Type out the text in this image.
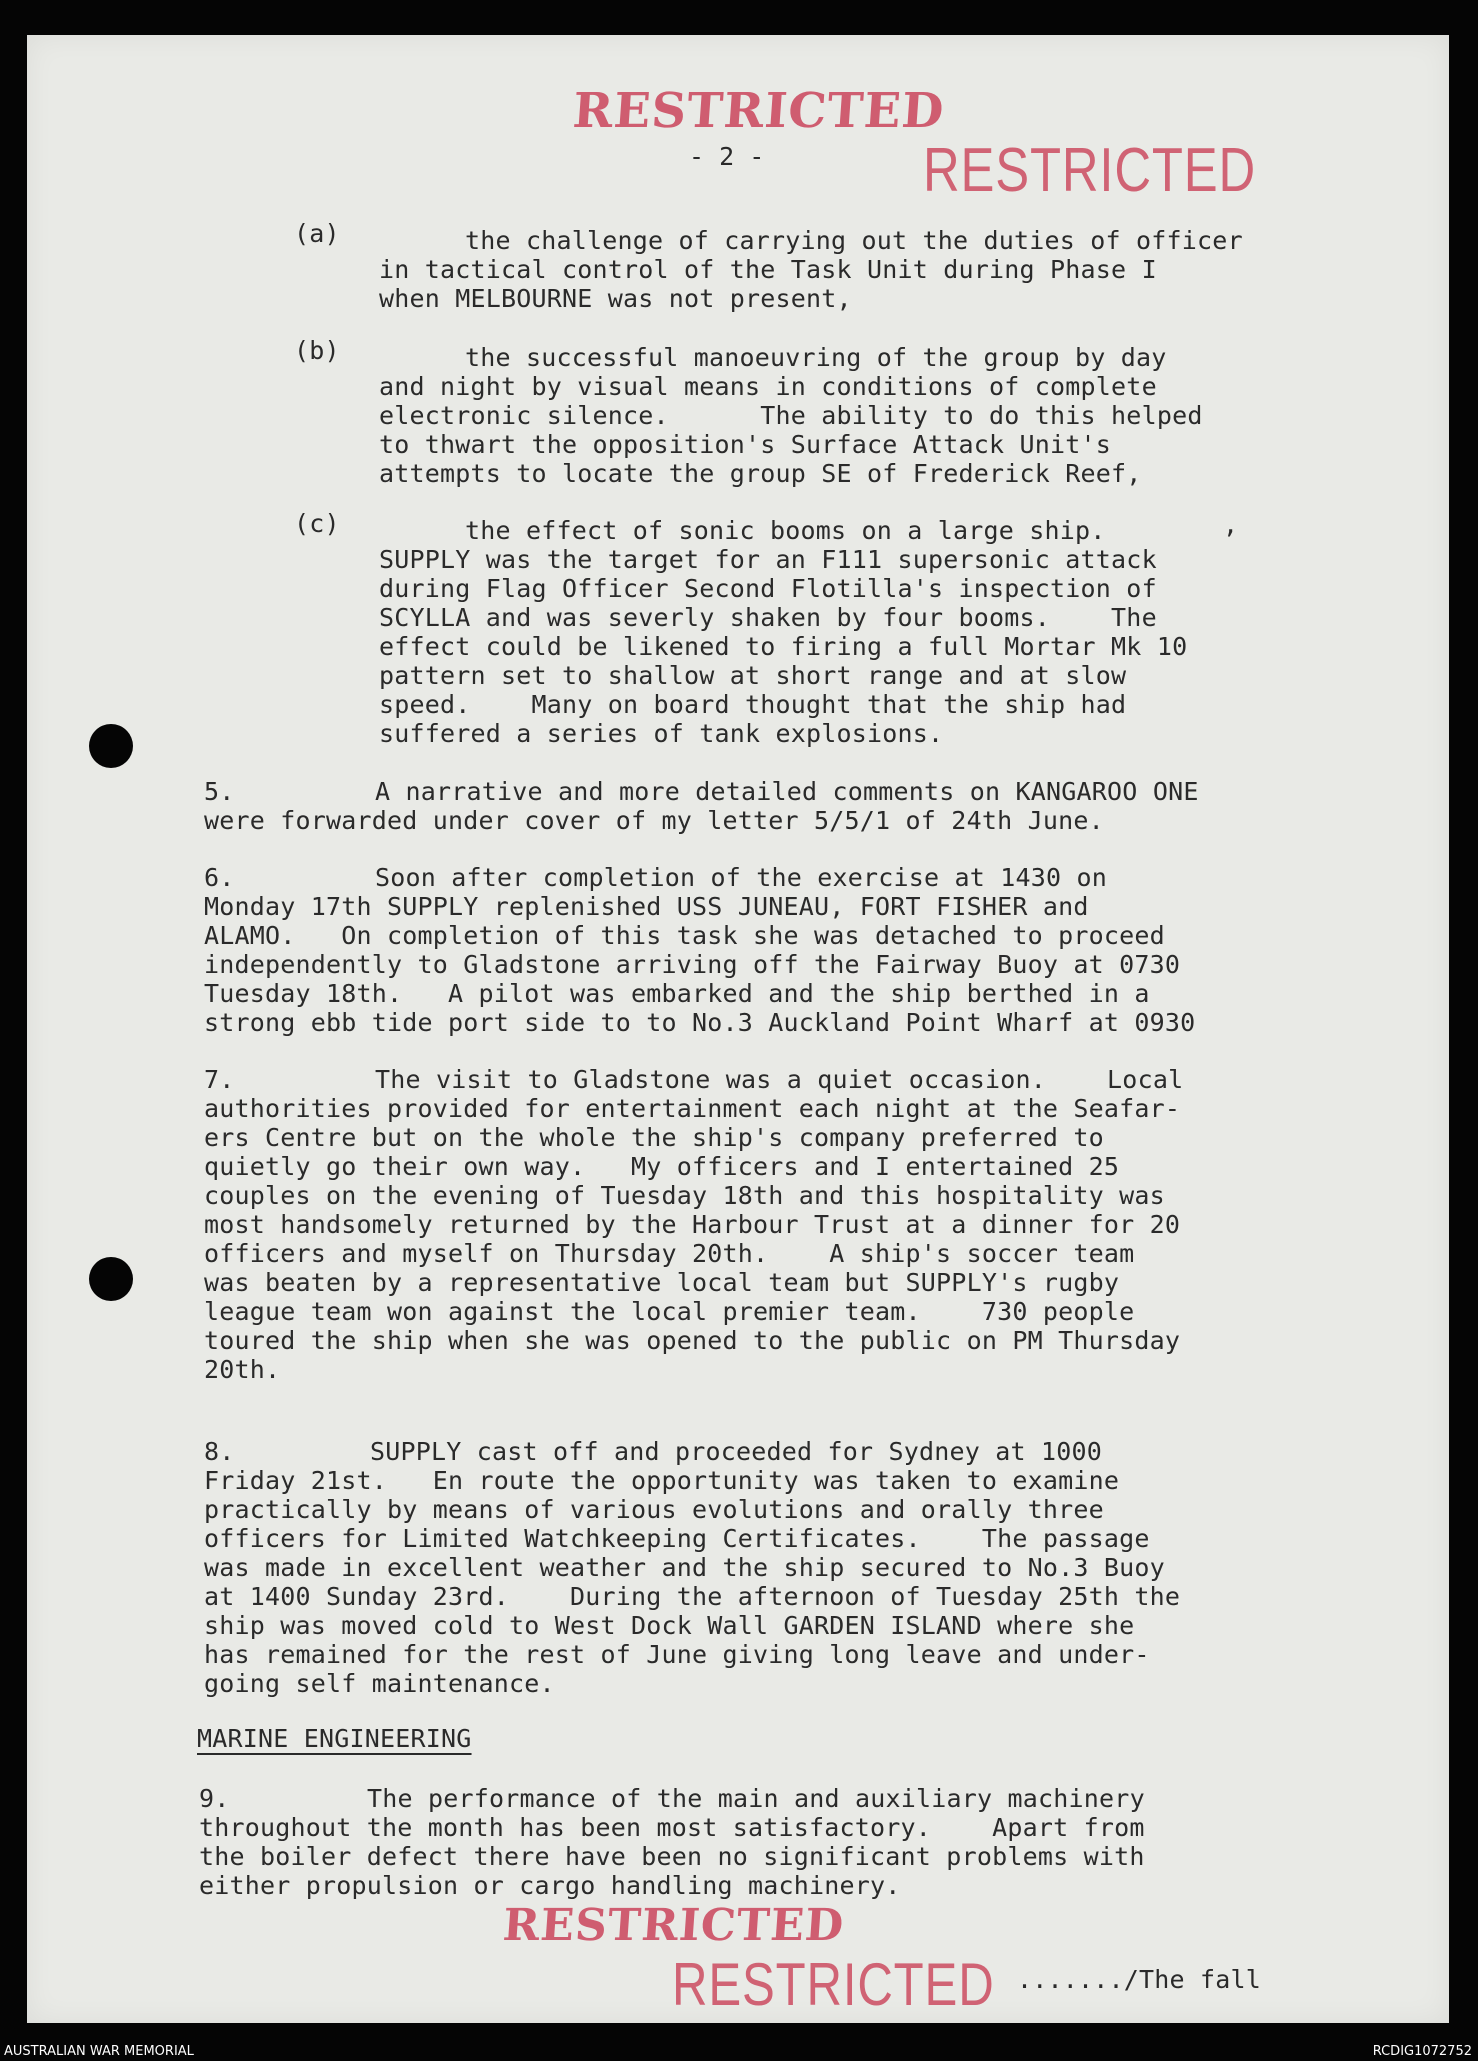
RESTRICTED
RESTRICTED
- 2 -
(a)	the challenge of carrying out the duties of officer
in tactical control of the Task Unit during Phase I
when MELBOURNE was not present,
(b)	the successful manoeuvring of the group by day
and night by visual means in conditions of complete
electronic silence.      The ability to do this helped
to thwart the opposition's Surface Attack Unit's
attempts to locate the group SE of Frederick Reef,
(c)	the effect of sonic booms on a large ship.	,
SUPPLY was the target for an F111 supersonic attack
during Flag Officer Second Flotilla's inspection of
SCYLLA and was severly shaken by four booms.    The
effect could be likened to firing a full Mortar Mk 10
pattern set to shallow at short range and at slow
speed.    Many on board thought that the ship had
suffered a series of tank explosions.
5.	A narrative and more detailed comments on KANGAROO ONE
were forwarded under cover of my letter 5/5/1 of 24th June.
6.	Soon after completion of the exercise at 1430 on
Monday 17th SUPPLY replenished USS JUNEAU, FORT FISHER and
ALAMO.   On completion of this task she was detached to proceed
independently to Gladstone arriving off the Fairway Buoy at 0730
Tuesday 18th.   A pilot was embarked and the ship berthed in a
strong ebb tide port side to to No.3 Auckland Point Wharf at 0930
7.	The visit to Gladstone was a quiet occasion.    Local
authorities provided for entertainment each night at the Seafar-
ers Centre but on the whole the ship's company preferred to
quietly go their own way.   My officers and I entertained 25
couples on the evening of Tuesday 18th and this hospitality was
most handsomely returned by the Harbour Trust at a dinner for 20
officers and myself on Thursday 20th.    A ship's soccer team
was beaten by a representative local team but SUPPLY's rugby
league team won against the local premier team.    730 people
toured the ship when she was opened to the public on PM Thursday
20th.
8.	SUPPLY cast off and proceeded for Sydney at 1000
Friday 21st.   En route the opportunity was taken to examine
practically by means of various evolutions and orally three
officers for Limited Watchkeeping Certificates.    The passage
was made in excellent weather and the ship secured to No.3 Buoy
at 1400 Sunday 23rd.    During the afternoon of Tuesday 25th the
ship was moved cold to West Dock Wall GARDEN ISLAND where she
has remained for the rest of June giving long leave and under-
going self maintenance.
MARINE ENGINEERING
9.	The performance of the main and auxiliary machinery
throughout the month has been most satisfactory.    Apart from
the boiler defect there have been no significant problems with
either propulsion or cargo handling machinery.
RESTRICTED
RESTRICTED ......./The fall
AUSTRALIAN WAR MEMORIAL	RCDIG1072752
